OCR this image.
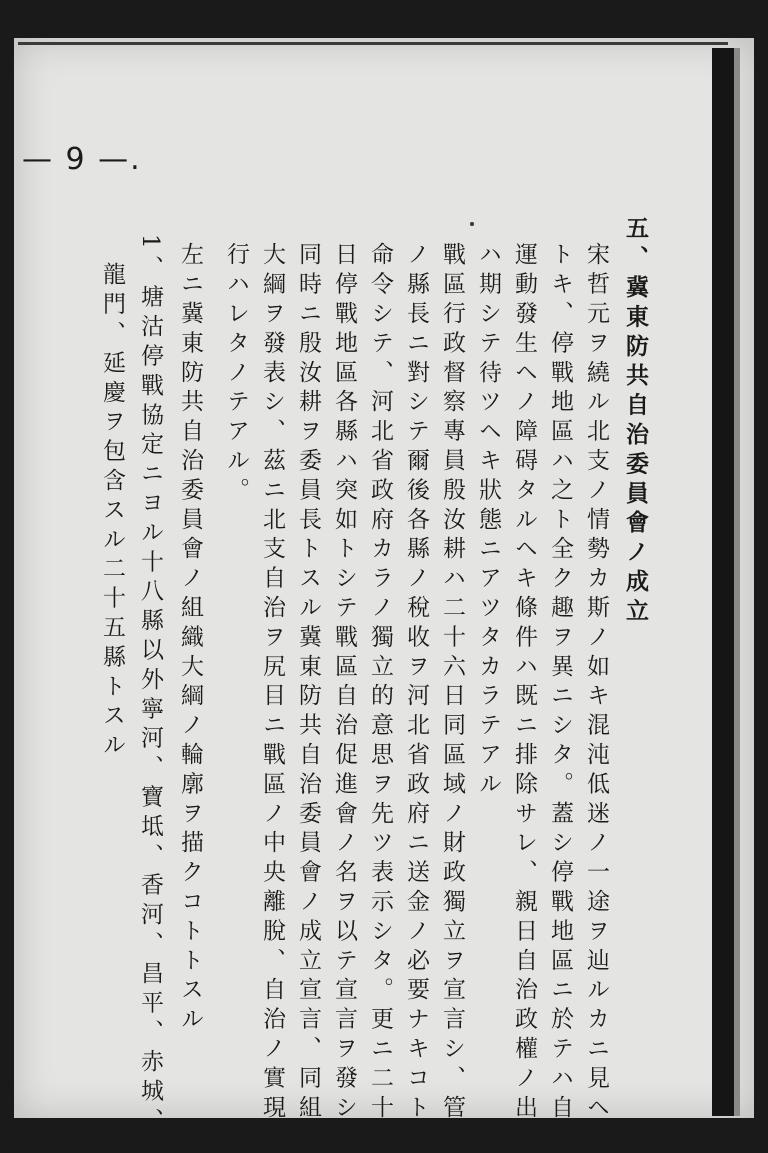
— 9 —.
五、冀東防共自治委員會ノ成立
宋哲元ヲ繞ル北支ノ情勢カ斯ノ如キ混沌低迷ノ一途ヲ辿ルカニ見ヘタ
トキ、停戰地區ハ之ト全ク趣ヲ異ニシタ。蓋シ停戰地區ニ於テハ自治
運動發生ヘノ障碍タルヘキ條件ハ既ニ排除サレ、親日自治政權ノ出現
ハ期シテ待ツヘキ狀態ニアツタカラテアル
戰區行政督察專員殷汝耕ハ二十六日同區域ノ財政獨立ヲ宣言シ、管下
ノ縣長ニ對シテ爾後各縣ノ稅收ヲ河北省政府ニ送金ノ必要ナキコトヲ
命令シテ、河北省政府カラノ獨立的意思ヲ先ツ表示シタ。更ニ二十四
日停戰地區各縣ハ突如トシテ戰區自治促進會ノ名ヲ以テ宣言ヲ發シ、
同時ニ殷汝耕ヲ委員長トスル冀東防共自治委員會ノ成立宣言、同組織
大綱ヲ發表シ、茲ニ北支自治ヲ尻目ニ戰區ノ中央離脫、自治ノ實現カ
行ハレタノテアル。
左ニ冀東防共自治委員會ノ組織大綱ノ輪廓ヲ描クコトトスル
1、塘沽停戰協定ニヨル十八縣以外寧河、寶坻、香河、昌平、赤城、
龍門、延慶ヲ包含スル二十五縣トスル
